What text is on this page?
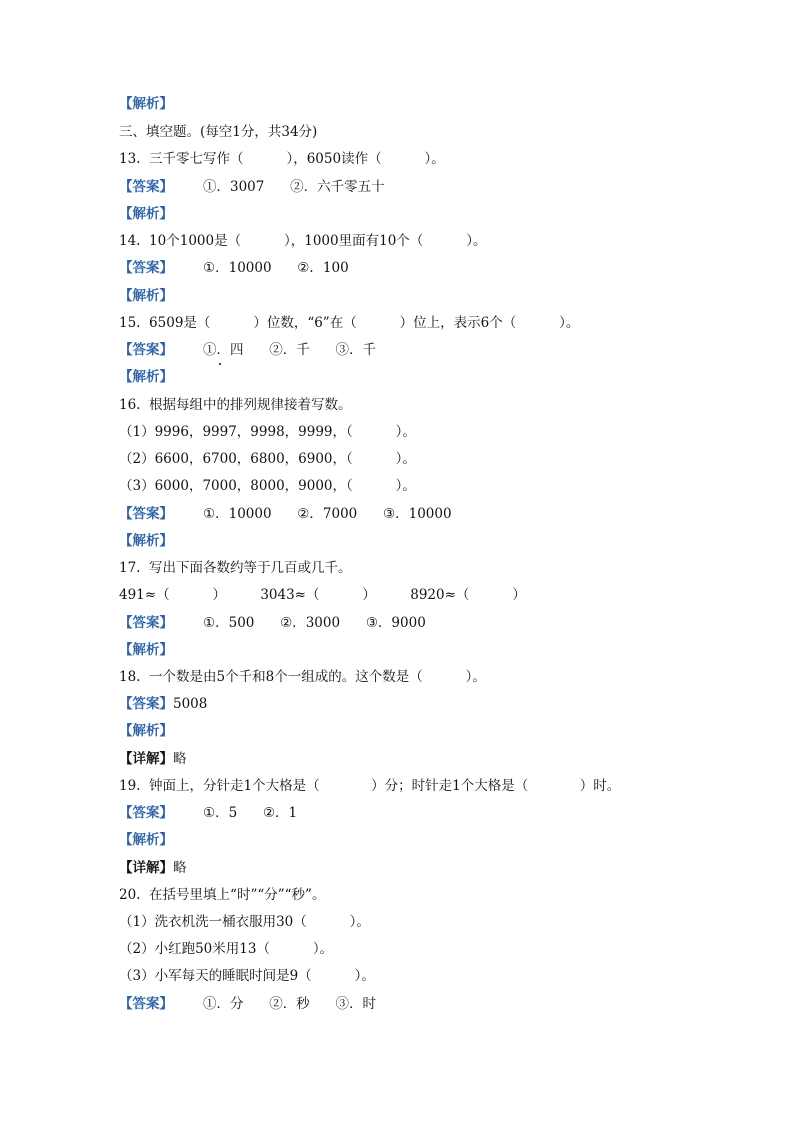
【解析】
三、填空题。(每空1分，共34分)
13.  三千零七写作（          ），6050读作（          ）。
【答案】 ①．3007      ②．六千零五十
【解析】
14.  10个1000是（          ），1000里面有10个（          ）。
【答案】 ①．10000      ②．100
【解析】
15.  6509是（          ）位数，“6”在（          ）位上，表示6个（          ）。
【答案】 ①．四      ②．千      ③．千
【解析】
16.  根据每组中的排列规律接着写数。
（1）9996，9997，9998，9999，（          ）。
（2）6600，6700，6800，6900，（          ）。
（3）6000，7000，8000，9000，（          ）。
【答案】 ①．10000      ②．7000      ③．10000
【解析】
17.  写出下面各数约等于几百或几千。
491≈（          ）        3043≈（          ）        8920≈（          ）
【答案】 ①．500      ②．3000      ③．9000
【解析】
18.  一个数是由5个千和8个一组成的。这个数是（          ）。
【答案】5008
【解析】
【详解】略
19.  钟面上，分针走1个大格是（            ）分；时针走1个大格是（            ）时。
【答案】 ①．5      ②．1
【解析】
【详解】略
20.  在括号里填上“时”“分”“秒”。
（1）洗衣机洗一桶衣服用30（          ）。
（2）小红跑50米用13（          ）。
（3）小军每天的睡眠时间是9（          ）。
【答案】 ①．分      ②．秒      ③．时
